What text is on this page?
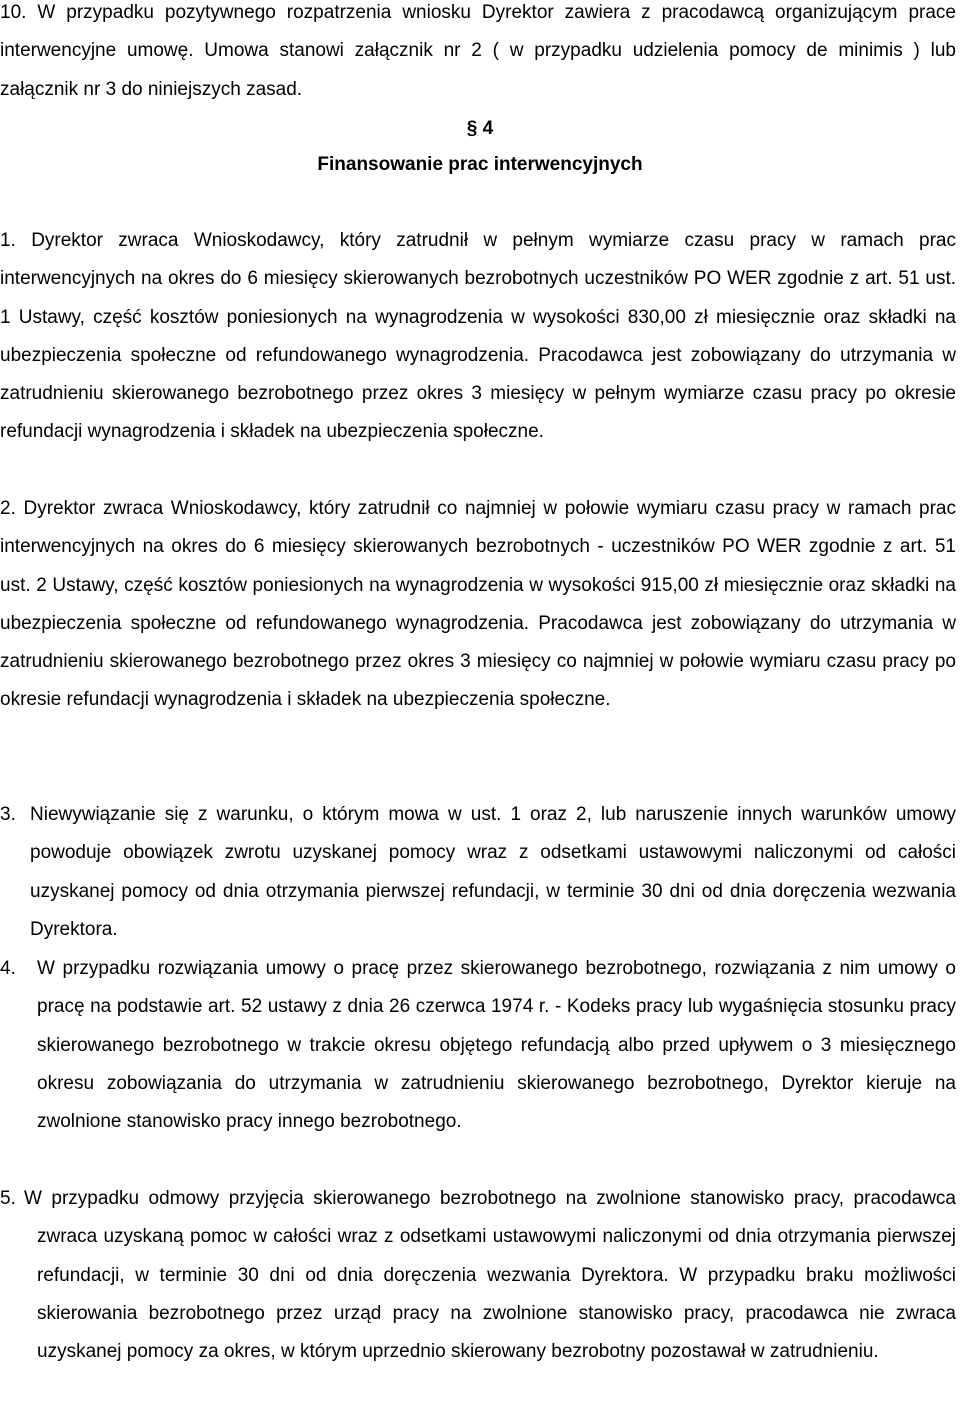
10. W przypadku pozytywnego rozpatrzenia wniosku Dyrektor zawiera z pracodawcą organizującym prace interwencyjne umowę. Umowa stanowi załącznik nr 2 ( w przypadku udzielenia pomocy de minimis ) lub załącznik nr 3 do niniejszych zasad.

§ 4
Finansowanie prac interwencyjnych

1. Dyrektor zwraca Wnioskodawcy, który zatrudnił w pełnym wymiarze czasu pracy w ramach prac interwencyjnych na okres do 6 miesięcy skierowanych bezrobotnych uczestników PO WER zgodnie z art. 51 ust. 1 Ustawy, część kosztów poniesionych na wynagrodzenia w wysokości 830,00 zł miesięcznie oraz składki na ubezpieczenia społeczne od refundowanego wynagrodzenia. Pracodawca jest zobowiązany do utrzymania w zatrudnieniu skierowanego bezrobotnego przez okres 3 miesięcy w pełnym wymiarze czasu pracy po okresie refundacji wynagrodzenia i składek na ubezpieczenia społeczne.

2. Dyrektor zwraca Wnioskodawcy, który zatrudnił co najmniej w połowie wymiaru czasu pracy w ramach prac interwencyjnych na okres do 6 miesięcy skierowanych bezrobotnych - uczestników PO WER zgodnie z art. 51 ust. 2 Ustawy, część kosztów poniesionych na wynagrodzenia w wysokości 915,00 zł miesięcznie oraz składki na ubezpieczenia społeczne od refundowanego wynagrodzenia. Pracodawca jest zobowiązany do utrzymania w zatrudnieniu skierowanego bezrobotnego przez okres 3 miesięcy co najmniej w połowie wymiaru czasu pracy po okresie refundacji wynagrodzenia i składek na ubezpieczenia społeczne.

3. Niewywiązanie się z warunku, o którym mowa w ust. 1 oraz 2, lub naruszenie innych warunków umowy powoduje obowiązek zwrotu uzyskanej pomocy wraz z odsetkami ustawowymi naliczonymi od całości uzyskanej pomocy od dnia otrzymania pierwszej refundacji, w terminie 30 dni od dnia doręczenia wezwania Dyrektora.

4. W przypadku rozwiązania umowy o pracę przez skierowanego bezrobotnego, rozwiązania z nim umowy o pracę na podstawie art. 52 ustawy z dnia 26 czerwca 1974 r. - Kodeks pracy lub wygaśnięcia stosunku pracy skierowanego bezrobotnego w trakcie okresu objętego refundacją albo przed upływem o 3 miesięcznego okresu zobowiązania do utrzymania w zatrudnieniu skierowanego bezrobotnego, Dyrektor kieruje na zwolnione stanowisko pracy innego bezrobotnego.

5. W przypadku odmowy przyjęcia skierowanego bezrobotnego na zwolnione stanowisko pracy, pracodawca zwraca uzyskaną pomoc w całości wraz z odsetkami ustawowymi naliczonymi od dnia otrzymania pierwszej refundacji, w terminie 30 dni od dnia doręczenia wezwania Dyrektora. W przypadku braku możliwości skierowania bezrobotnego przez urząd pracy na zwolnione stanowisko pracy, pracodawca nie zwraca uzyskanej pomocy za okres, w którym uprzednio skierowany bezrobotny pozostawał w zatrudnieniu.
